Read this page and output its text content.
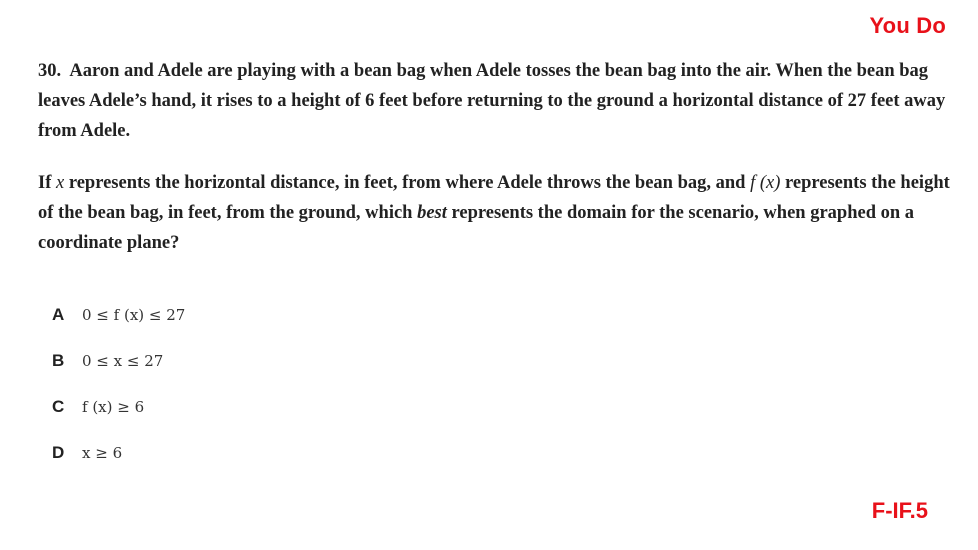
You Do
30. Aaron and Adele are playing with a bean bag when Adele tosses the bean bag into the air. When the bean bag leaves Adele’s hand, it rises to a height of 6 feet before returning to the ground a horizontal distance of 27 feet away from Adele.
If x represents the horizontal distance, in feet, from where Adele throws the bean bag, and f (x) represents the height of the bean bag, in feet, from the ground, which best represents the domain for the scenario, when graphed on a coordinate plane?
A	0 ≤ f (x) ≤ 27
B	0 ≤ x ≤ 27
C	f (x) ≥ 6
D	x ≥ 6
F-IF.5
